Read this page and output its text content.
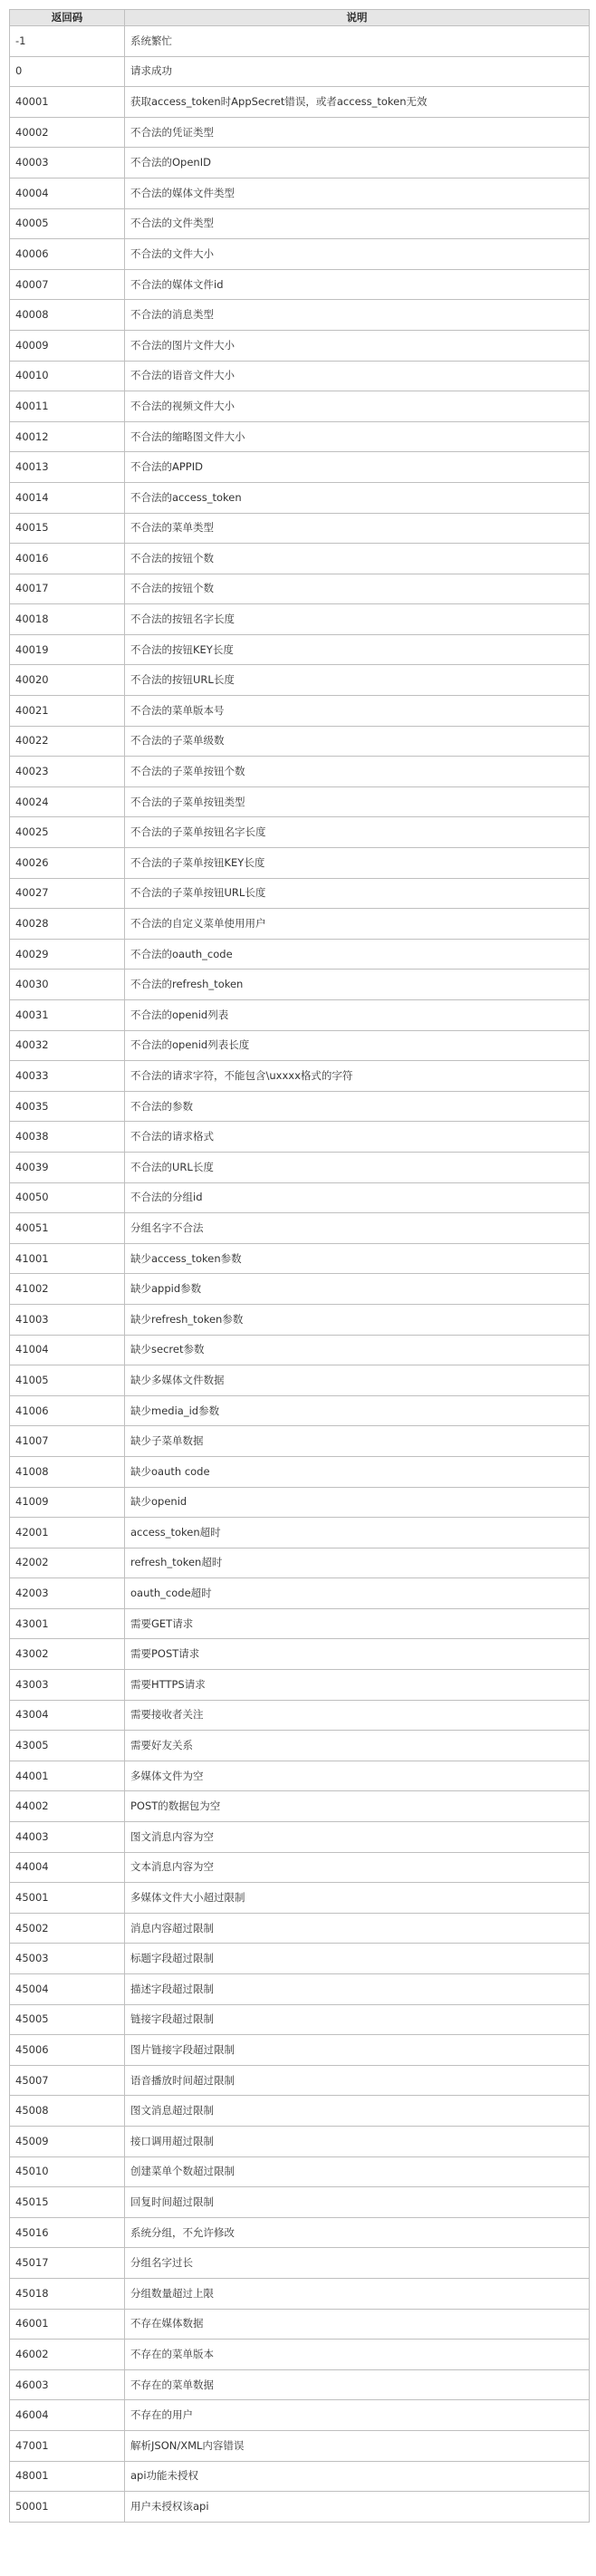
返回码	说明
-1	系统繁忙
0	请求成功
40001	获取access_token时AppSecret错误，或者access_token无效
40002	不合法的凭证类型
40003	不合法的OpenID
40004	不合法的媒体文件类型
40005	不合法的文件类型
40006	不合法的文件大小
40007	不合法的媒体文件id
40008	不合法的消息类型
40009	不合法的图片文件大小
40010	不合法的语音文件大小
40011	不合法的视频文件大小
40012	不合法的缩略图文件大小
40013	不合法的APPID
40014	不合法的access_token
40015	不合法的菜单类型
40016	不合法的按钮个数
40017	不合法的按钮个数
40018	不合法的按钮名字长度
40019	不合法的按钮KEY长度
40020	不合法的按钮URL长度
40021	不合法的菜单版本号
40022	不合法的子菜单级数
40023	不合法的子菜单按钮个数
40024	不合法的子菜单按钮类型
40025	不合法的子菜单按钮名字长度
40026	不合法的子菜单按钮KEY长度
40027	不合法的子菜单按钮URL长度
40028	不合法的自定义菜单使用用户
40029	不合法的oauth_code
40030	不合法的refresh_token
40031	不合法的openid列表
40032	不合法的openid列表长度
40033	不合法的请求字符，不能包含\uxxxx格式的字符
40035	不合法的参数
40038	不合法的请求格式
40039	不合法的URL长度
40050	不合法的分组id
40051	分组名字不合法
41001	缺少access_token参数
41002	缺少appid参数
41003	缺少refresh_token参数
41004	缺少secret参数
41005	缺少多媒体文件数据
41006	缺少media_id参数
41007	缺少子菜单数据
41008	缺少oauth code
41009	缺少openid
42001	access_token超时
42002	refresh_token超时
42003	oauth_code超时
43001	需要GET请求
43002	需要POST请求
43003	需要HTTPS请求
43004	需要接收者关注
43005	需要好友关系
44001	多媒体文件为空
44002	POST的数据包为空
44003	图文消息内容为空
44004	文本消息内容为空
45001	多媒体文件大小超过限制
45002	消息内容超过限制
45003	标题字段超过限制
45004	描述字段超过限制
45005	链接字段超过限制
45006	图片链接字段超过限制
45007	语音播放时间超过限制
45008	图文消息超过限制
45009	接口调用超过限制
45010	创建菜单个数超过限制
45015	回复时间超过限制
45016	系统分组，不允许修改
45017	分组名字过长
45018	分组数量超过上限
46001	不存在媒体数据
46002	不存在的菜单版本
46003	不存在的菜单数据
46004	不存在的用户
47001	解析JSON/XML内容错误
48001	api功能未授权
50001	用户未授权该api
